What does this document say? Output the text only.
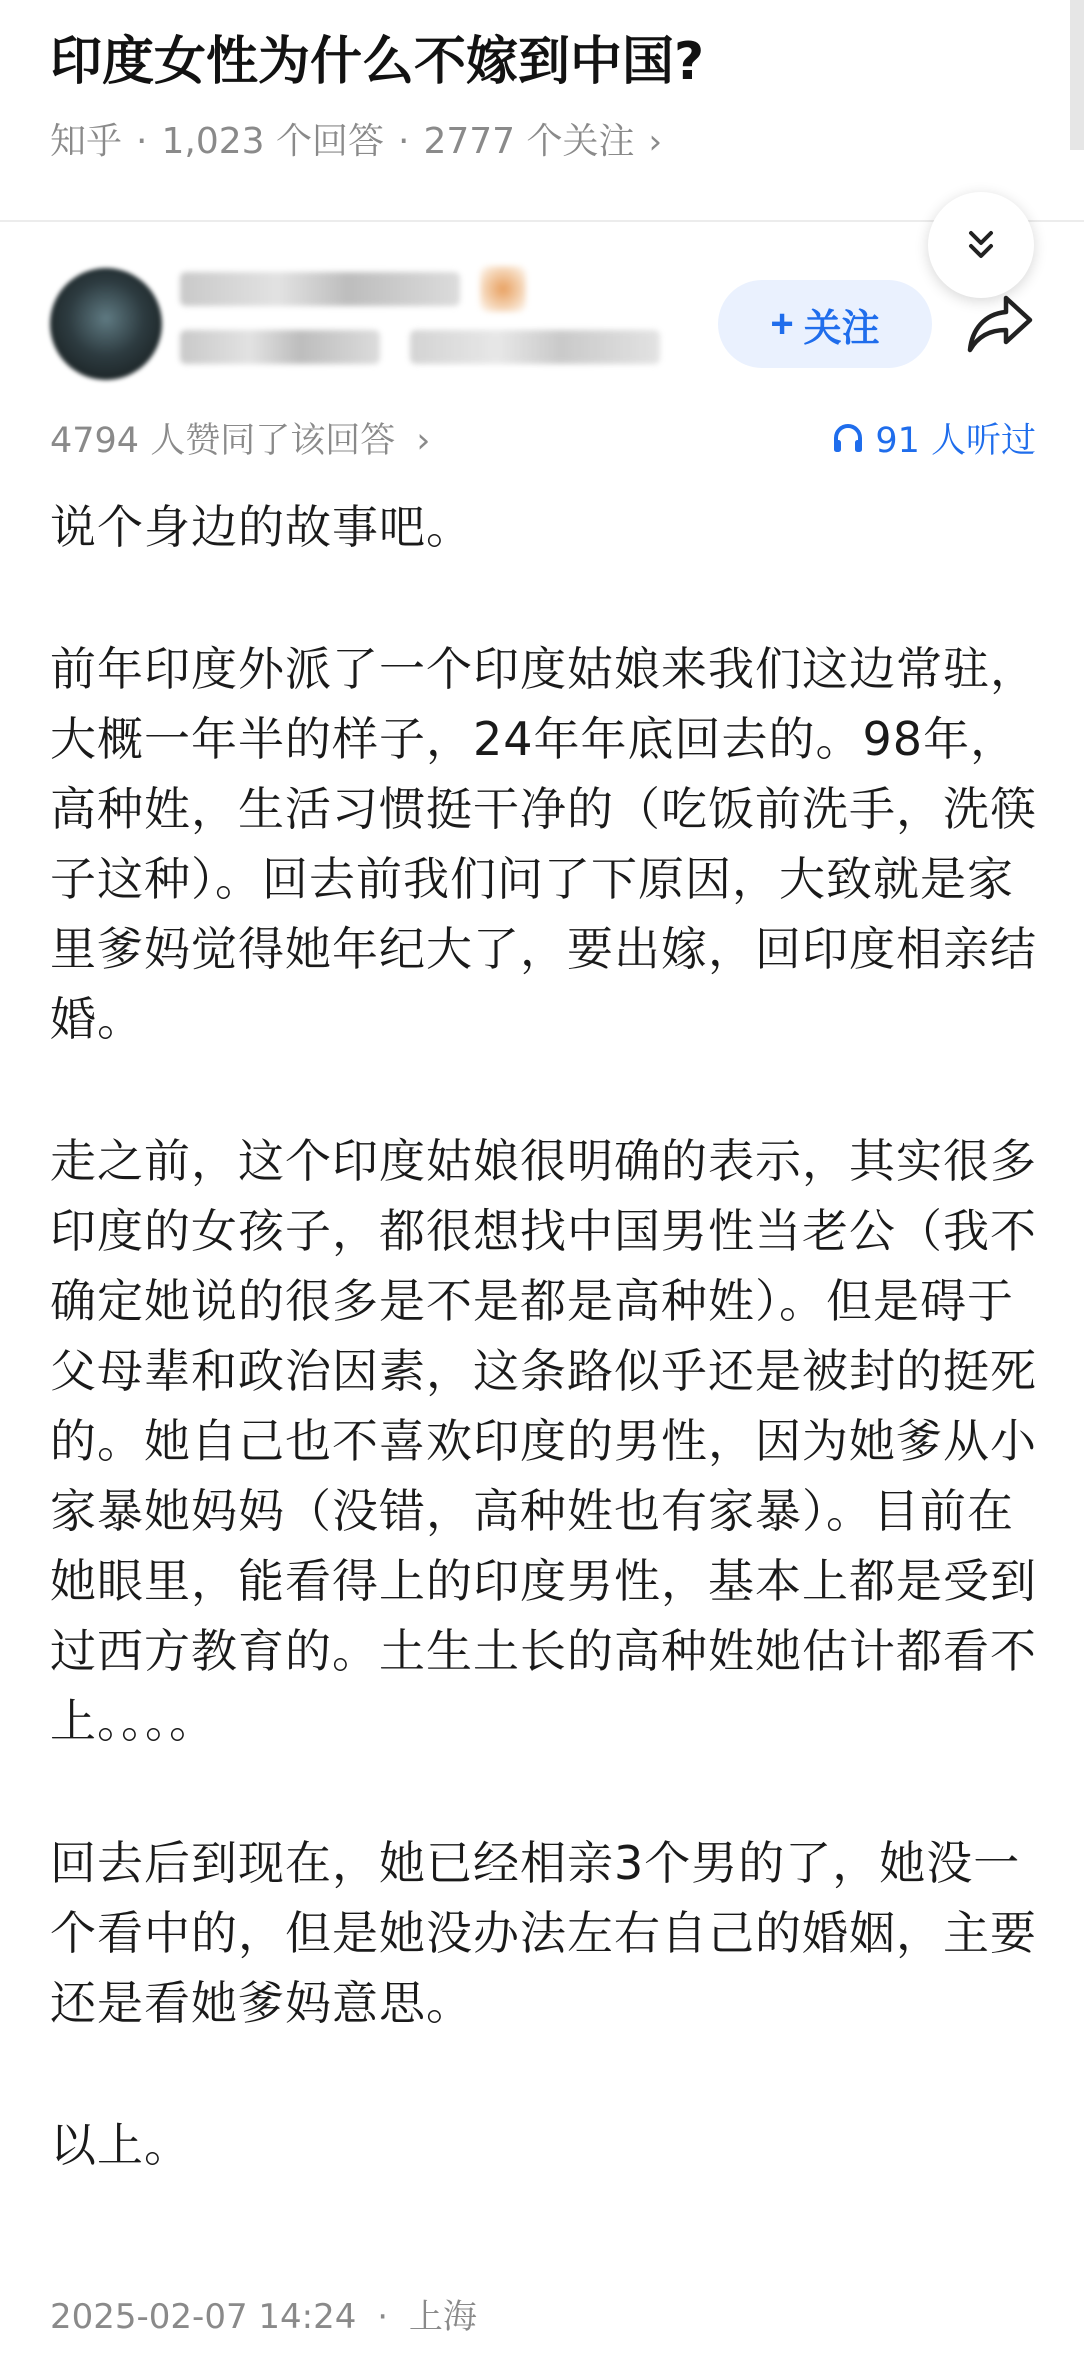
印度女性为什么不嫁到中国?
知乎 · 1,023 个回答 · 2777 个关注 ›
+ 关注
4794 人赞同了该回答 ›	91 人听过

说个身边的故事吧。

前年印度外派了一个印度姑娘来我们这边常驻，大概一年半的样子，24年年底回去的。98年，高种姓，生活习惯挺干净的（吃饭前洗手，洗筷子这种）。回去前我们问了下原因，大致就是家里爹妈觉得她年纪大了，要出嫁，回印度相亲结婚。

走之前，这个印度姑娘很明确的表示，其实很多印度的女孩子，都很想找中国男性当老公（我不确定她说的很多是不是都是高种姓）。但是碍于父母辈和政治因素，这条路似乎还是被封的挺死的。她自己也不喜欢印度的男性，因为她爹从小家暴她妈妈（没错，高种姓也有家暴）。目前在她眼里，能看得上的印度男性，基本上都是受到过西方教育的。土生土长的高种姓她估计都看不上。。。。

回去后到现在，她已经相亲3个男的了，她没一个看中的，但是她没办法左右自己的婚姻，主要还是看她爹妈意思。

以上。

2025-02-07 14:24 · 上海
